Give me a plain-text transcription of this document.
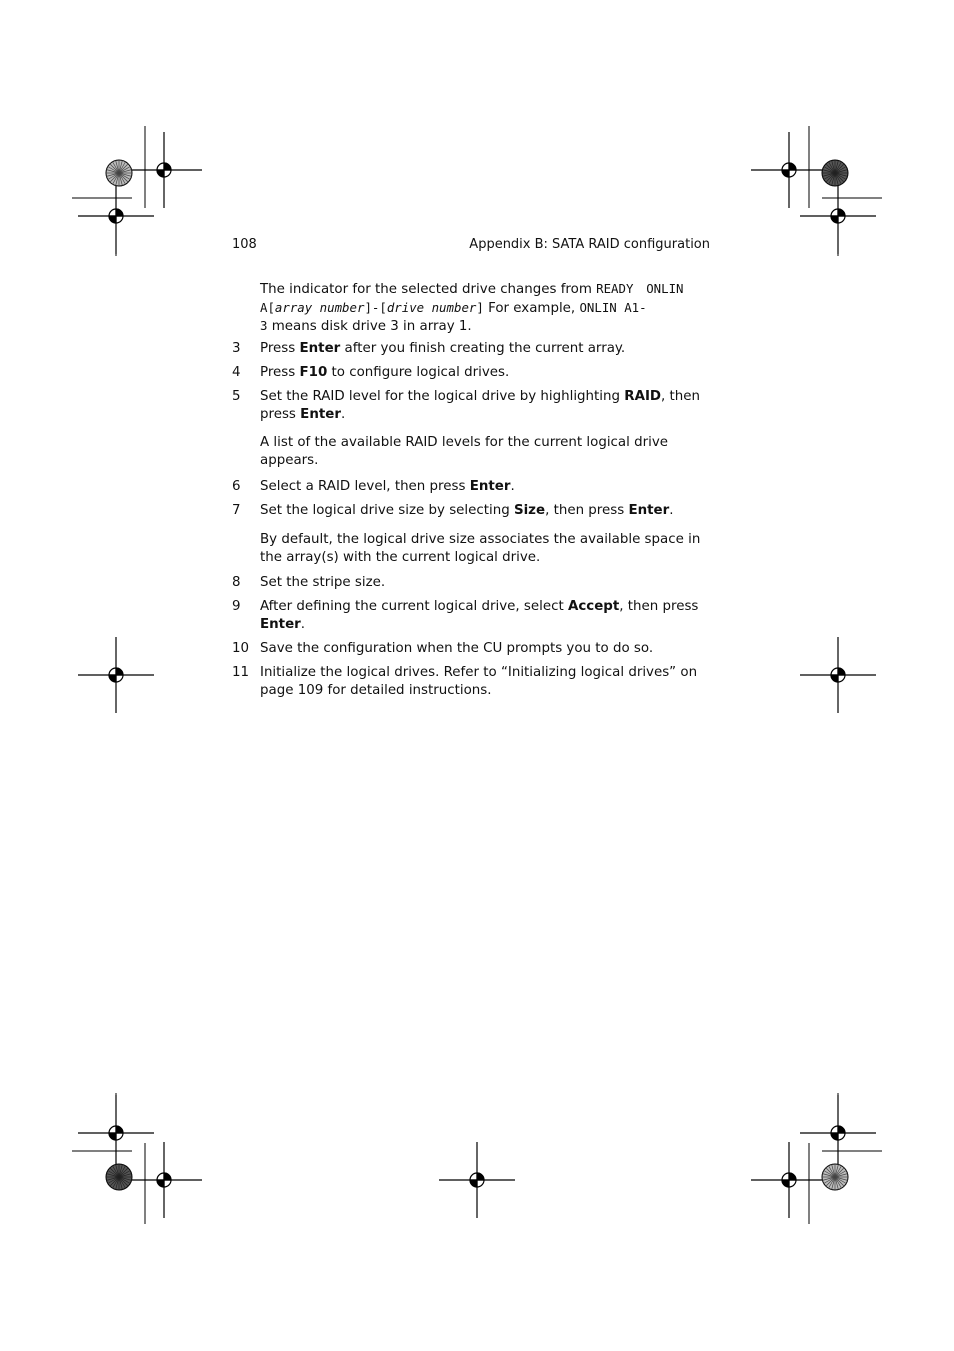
108	Appendix B: SATA RAID configuration
The indicator for the selected drive changes from READY ONLIN
A[array number]-[drive number] For example, ONLIN A1-
3 means disk drive 3 in array 1.
3 Press Enter after you finish creating the current array.
4 Press F10 to configure logical drives.
5 Set the RAID level for the logical drive by highlighting RAID, then press Enter.
A list of the available RAID levels for the current logical drive appears.
6 Select a RAID level, then press Enter.
7 Set the logical drive size by selecting Size, then press Enter.
By default, the logical drive size associates the available space in the array(s) with the current logical drive.
8 Set the stripe size.
9 After defining the current logical drive, select Accept, then press Enter.
10 Save the configuration when the CU prompts you to do so.
11 Initialize the logical drives. Refer to “Initializing logical drives” on page 109 for detailed instructions.
